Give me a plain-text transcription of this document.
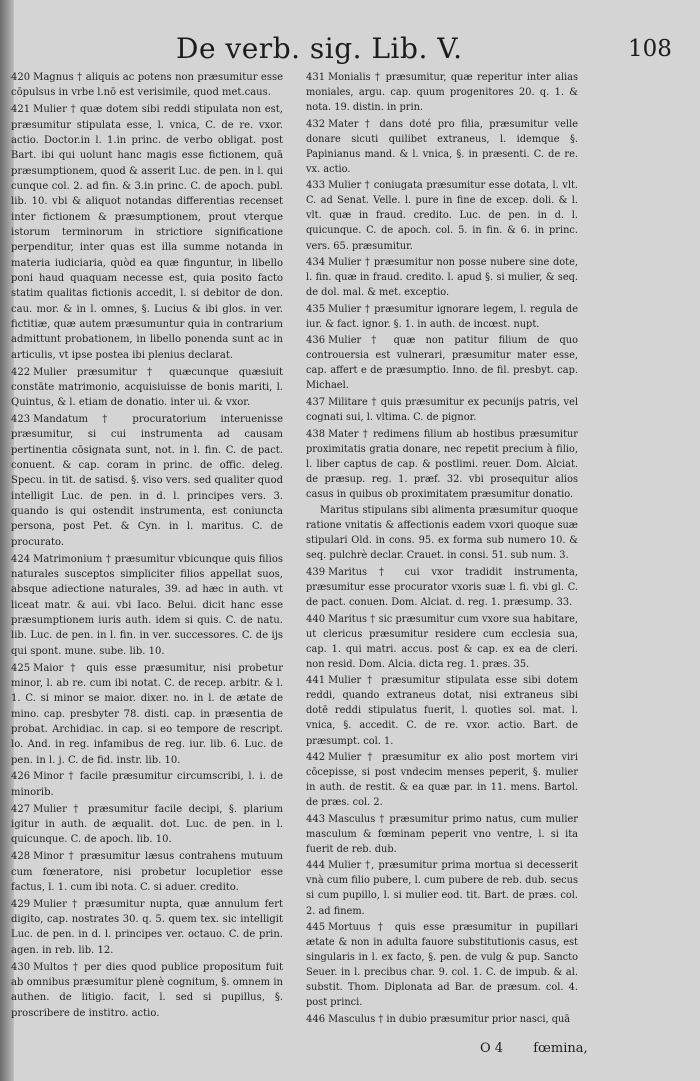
De verb. sig. Lib. V.	108

420 Magnus † aliquis ac potens non præsumitur esse cōpulsus in vrbe l.nō est verisimile, quod met.caus.

421 Mulier † quæ dotem sibi reddi stipulata non est, præsumitur stipulata esse, l. vnica, C. de re. vxor. actio. Doctor.in l. 1.in princ. de verbo obligat. post Bart. ibi qui uolunt hanc magis esse fictionem, quā præsumptionem, quod & asserit Luc. de pen. in l. qui cunque col. 2. ad fin. & 3.in princ. C. de apoch. publ. lib. 10. vbi & aliquot notandas differentias recenset inter fictionem & præsumptionem, prout vterque istorum terminorum in strictiore significatione perpenditur, inter quas est illa summe notanda in materia iudiciaria, quòd ea quæ finguntur, in libello poni haud quaquam necesse est, quia posito facto statim qualitas fictionis accedit, l. si debitor de don. cau. mor. & in l. omnes, §. Lucius & ibi glos. in ver. fictitiæ, quæ autem præsumuntur quia in contrarium admittunt probationem, in libello ponenda sunt ac in articulis, vt ipse postea ibi plenius declarat.

422 Mulier præsumitur † quæcunque quæsiuit constāte matrimonio, acquisiuisse de bonis mariti, l. Quintus, & l. etiam de donatio. inter ui. & vxor.

423 Mandatum † procuratorium interuenisse præsumitur, si cui instrumenta ad causam pertinentia cōsignata sunt, not. in l. fin. C. de pact. conuent. & cap. coram in princ. de offic. deleg. Specu. in tit. de satisd. §. viso vers. sed qualiter quod intelligit Luc. de pen. in d. l. principes vers. 3. quando is qui ostendit instrumenta, est coniuncta persona, post Pet. & Cyn. in l. maritus. C. de procurato.

424 Matrimonium † præsumitur vbicunque quis filios naturales susceptos simpliciter filios appellat suos, absque adiectione naturales, 39. ad hæc in auth. vt liceat matr. & aui. vbi Iaco. Belui. dicit hanc esse præsumptionem iuris auth. idem si quis. C. de natu. lib. Luc. de pen. in l. fin. in ver. successores. C. de ijs qui spont. mune. sube. lib. 10.

425 Maior † quis esse præsumitur, nisi probetur minor, l. ab re. cum ibi notat. C. de recep. arbitr. & l. 1. C. si minor se maior. dixer. no. in l. de ætate de mino. cap. presbyter 78. disti. cap. in præsentia de probat. Archidiac. in cap. si eo tempore de rescript. lo. And. in reg. infamibus de reg. iur. lib. 6. Luc. de pen. in l. j. C. de fid. instr. lib. 10.

426 Minor † facile præsumitur circumscribi, l. i. de minorib.

427 Mulier † præsumitur facile decipi, §. plarium igitur in auth. de æqualit. dot. Luc. de pen. in l. quicunque. C. de apoch. lib. 10.

428 Minor † præsumitur læsus contrahens mutuum cum fœneratore, nisi probetur locupletior esse factus, l. 1. cum ibi nota. C. si aduer. credito.

429 Mulier † præsumitur nupta, quæ annulum fert digito, cap. nostrates 30. q. 5. quem tex. sic intelligit Luc. de pen. in d. l. principes ver. octauo. C. de prin. agen. in reb. lib. 12.

430 Multos † per dies quod publice propositum fuit ab omnibus præsumitur plenè cognitum, §. omnem in authen. de litigio. facit, l. sed si pupillus, §. proscribere de institro. actio.

431 Monialis † præsumitur, quæ reperitur inter alias moniales, argu. cap. quum progenitores 20. q. 1. & nota. 19. distin. in prin.

432 Mater † dans doté pro filia, præsumitur velle donare sicuti quilibet extraneus, l. idemque §. Papinianus mand. & l. vnica, §. in præsenti. C. de re. vx. actio.

433 Mulier † coniugata præsumitur esse dotata, l. vlt. C. ad Senat. Velle. l. pure in fine de excep. doli. & l. vlt. quæ in fraud. credito. Luc. de pen. in d. l. quicunque. C. de apoch. col. 5. in fin. & 6. in princ. vers. 65. præsumitur.

434 Mulier † præsumitur non posse nubere sine dote, l. fin. quæ in fraud. credito. l. apud §. si mulier, & seq. de dol. mal. & met. exceptio.

435 Mulier † præsumitur ignorare legem, l. regula de iur. & fact. ignor. §. 1. in auth. de incœst. nupt.

436 Mulier † quæ non patitur filium de quo controuersia est vulnerari, præsumitur mater esse, cap. affert e de præsumptio. Inno. de fil. presbyt. cap. Michael.

437 Militare † quis præsumitur ex pecunijs patris, vel cognati sui, l. vltima. C. de pignor.

438 Mater † redimens filium ab hostibus præsumitur proximitatis gratia donare, nec repetit precium à filio, l. liber captus de cap. & postlimi. reuer. Dom. Alciat. de præsup. reg. 1. præf. 32. vbi prosequitur alios casus in quibus ob proximitatem præsumitur donatio.

Maritus stipulans sibi alimenta præsumitur quoque ratione vnitatis & affectionis eadem vxori quoque suæ stipulari Old. in cons. 95. ex forma sub numero 10. & seq. pulchrè declar. Crauet. in consi. 51. sub num. 3.

439 Maritus † cui vxor tradidit instrumenta, præsumitur esse procurator vxoris suæ l. fi. vbi gl. C. de pact. conuen. Dom. Alciat. d. reg. 1. præsump. 33.

440 Maritus † sic præsumitur cum vxore sua habitare, ut clericus præsumitur residere cum ecclesia sua, cap. 1. qui matri. accus. post & cap. ex ea de cleri. non resid. Dom. Alcia. dicta reg. 1. præs. 35.

441 Mulier † præsumitur stipulata esse sibi dotem reddi, quando extraneus dotat, nisi extraneus sibi dotē reddi stipulatus fuerit, l. quoties sol. mat. l. vnica, §. accedit. C. de re. vxor. actio. Bart. de præsumpt. col. 1.

442 Mulier † præsumitur ex alio post mortem viri cōcepisse, si post vndecim menses peperit, §. mulier in auth. de restit. & ea quæ par. in 11. mens. Bartol. de præs. col. 2.

443 Masculus † præsumitur primo natus, cum mulier masculum & fœminam peperit vno ventre, l. si ita fuerit de reb. dub.

444 Mulier †, præsumitur prima mortua si decesserit vnà cum filio pubere, l. cum pubere de reb. dub. secus si cum pupillo, l. si mulier eod. tit. Bart. de præs. col. 2. ad finem.

445 Mortuus † quis esse præsumitur in pupillari ætate & non in adulta fauore substitutionis casus, est singularis in l. ex facto, §. pen. de vulg & pup. Sancto Seuer. in l. precibus char. 9. col. 1. C. de impub. & al. substit. Thom. Diplonata ad Bar. de præsum. col. 4. post princi.

446 Masculus † in dubio præsumitur prior nasci, quā

O 4 fœmina,
